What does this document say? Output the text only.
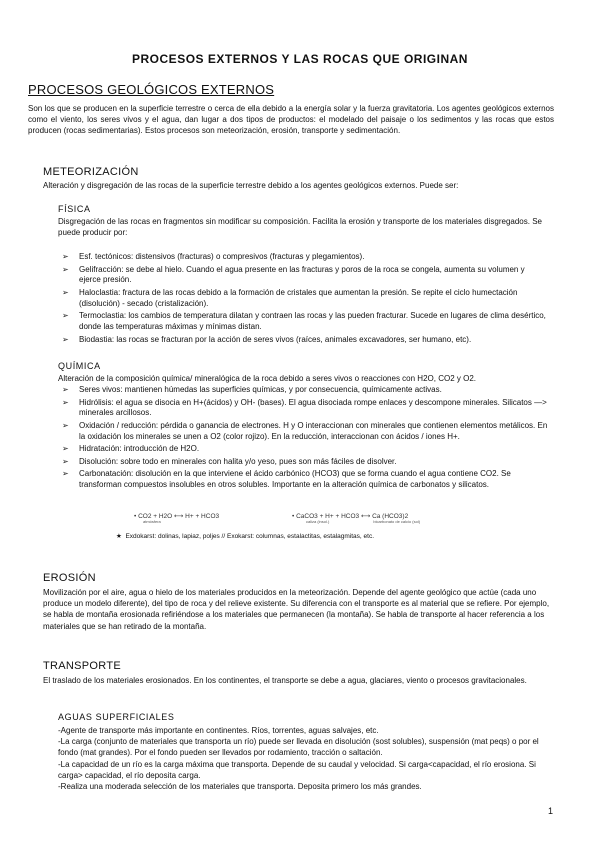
PROCESOS EXTERNOS Y LAS ROCAS QUE ORIGINAN
PROCESOS GEOLÓGICOS EXTERNOS
Son los que se producen en la superficie terrestre o cerca de ella debido a la energía solar y la fuerza gravitatoria. Los agentes geológicos externos como el viento, los seres vivos y el agua, dan lugar a dos tipos de productos: el modelado del paisaje o los sedimentos y las rocas que estos producen (rocas sedimentarias). Estos procesos son meteorización, erosión, transporte y sedimentación.
METEORIZACIÓN
Alteración y disgregación de las rocas de la superficie terrestre debido a los agentes geológicos externos. Puede ser:
FÍSICA
Disgregación de las rocas en fragmentos sin modificar su composición. Facilita la erosión y transporte de los materiales disgregados. Se puede producir por:
➢ Esf. tectónicos: distensivos (fracturas) o compresivos (fracturas y plegamientos).
➢ Gelifracción: se debe al hielo. Cuando el agua presente en las fracturas y poros de la roca se congela, aumenta su volumen y ejerce presión.
➢ Haloclastia: fractura de las rocas debido a la formación de cristales que aumentan la presión. Se repite el ciclo humectación (disolución) - secado (cristalización).
➢ Termoclastia: los cambios de temperatura dilatan y contraen las rocas y las pueden fracturar. Sucede en lugares de clima desértico, donde las temperaturas máximas y mínimas distan.
➢ Biodastia: las rocas se fracturan por la acción de seres vivos (raíces, animales excavadores, ser humano, etc).
QUÍMICA
Alteración de la composición química/ mineralógica de la roca debido a seres vivos o reacciones con H2O, CO2 y O2.
➢ Seres vivos: mantienen húmedas las superficies químicas, y por consecuencia, químicamente activas.
➢ Hidrólisis: el agua se disocia en H+(ácidos) y OH- (bases). El agua disociada rompe enlaces y descompone minerales. Silicatos —> minerales arcillosos.
➢ Oxidación / reducción: pérdida o ganancia de electrones. H y O interaccionan con minerales que contienen elementos metálicos. En la oxidación los minerales se unen a O2 (color rojizo). En la reducción, interaccionan con ácidos / iones H+.
➢ Hidratación: introducción de H2O.
➢ Disolución: sobre todo en minerales con halita y/o yeso, pues son más fáciles de disolver.
➢ Carbonatación: disolución en la que interviene el ácido carbónico (HCO3) que se forma cuando el agua contiene CO2. Se transforman compuestos insolubles en otros solubles. Importante en la alteración química de carbonatos y silicatos.
• CO2 + H2O ⟷ H+ + HCO3
atmósfera
• CaCO3 + H+ + HCO3 ⟷ Ca (HCO3)2
caliza (insol.)	bicarbonato de calcio (sol)
★ Exdokarst: dolinas, lapiaz, poljes // Exokarst: columnas, estalactitas, estalagmitas, etc.
EROSIÓN
Movilización por el aire, agua o hielo de los materiales producidos en la meteorización. Depende del agente geológico que actúe (cada uno produce un modelo diferente), del tipo de roca y del relieve existente. Su diferencia con el transporte es al material que se refiere. Por ejemplo, se habla de montaña erosionada refiriéndose a los materiales que permanecen (la montaña). Se habla de transporte al hacer referencia a los materiales que se han retirado de la montaña.
TRANSPORTE
El traslado de los materiales erosionados. En los continentes, el transporte se debe a agua, glaciares, viento o procesos gravitacionales.
AGUAS SUPERFICIALES
-Agente de transporte más importante en continentes. Ríos, torrentes, aguas salvajes, etc.
-La carga (conjunto de materiales que transporta un río) puede ser llevada en disolución (sost solubles), suspensión (mat peqs) o por el fondo (mat grandes). Por el fondo pueden ser llevados por rodamiento, tracción o saltación.
-La capacidad de un río es la carga máxima que transporta. Depende de su caudal y velocidad. Si carga<capacidad, el río erosiona. Si carga> capacidad, el río deposita carga.
-Realiza una moderada selección de los materiales que transporta. Deposita primero los más grandes.
1
